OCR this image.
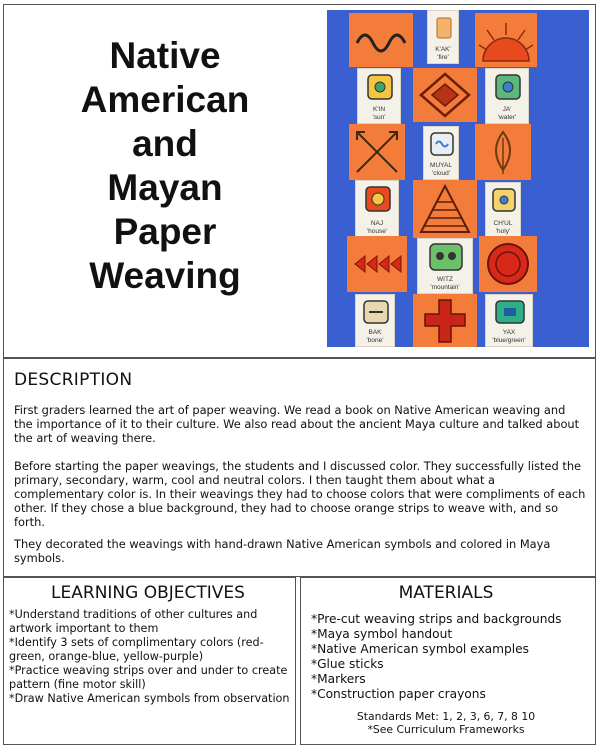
Native
American
and
Mayan
Paper
Weaving
K'AK'
'fire'
K'IN
'sun'
JA'
'water'
MUYAL
'cloud'
NAJ
'house'
CH'UL
'holy'
WITZ
'mountain'
BAK
'bone'
YAX
'blue/green'
DESCRIPTION

First graders learned the art of paper weaving. We read a book on Native American weaving and the importance of it to their culture. We also read about the ancient Maya culture and talked about the art of weaving there.

Before starting the paper weavings, the students and I discussed color. They successfully listed the primary, secondary, warm, cool and neutral colors. I then taught them about what a complementary color is. In their weavings they had to choose colors that were compliments of each other. If they chose a blue background, they had to choose orange strips to weave with, and so forth.

They decorated the weavings with hand-drawn Native American symbols and colored in Maya symbols.

LEARNING OBJECTIVES
*Understand traditions of other cultures and artwork important to them
*Identify 3 sets of complimentary colors (red-green, orange-blue, yellow-purple)
*Practice weaving strips over and under to create pattern (fine motor skill)
*Draw Native American symbols from observation
MATERIALS
*Pre-cut weaving strips and backgrounds
*Maya symbol handout
*Native American symbol examples
*Glue sticks
*Markers
*Construction paper crayons
Standards Met: 1, 2, 3, 6, 7, 8 10
*See Curriculum Frameworks
